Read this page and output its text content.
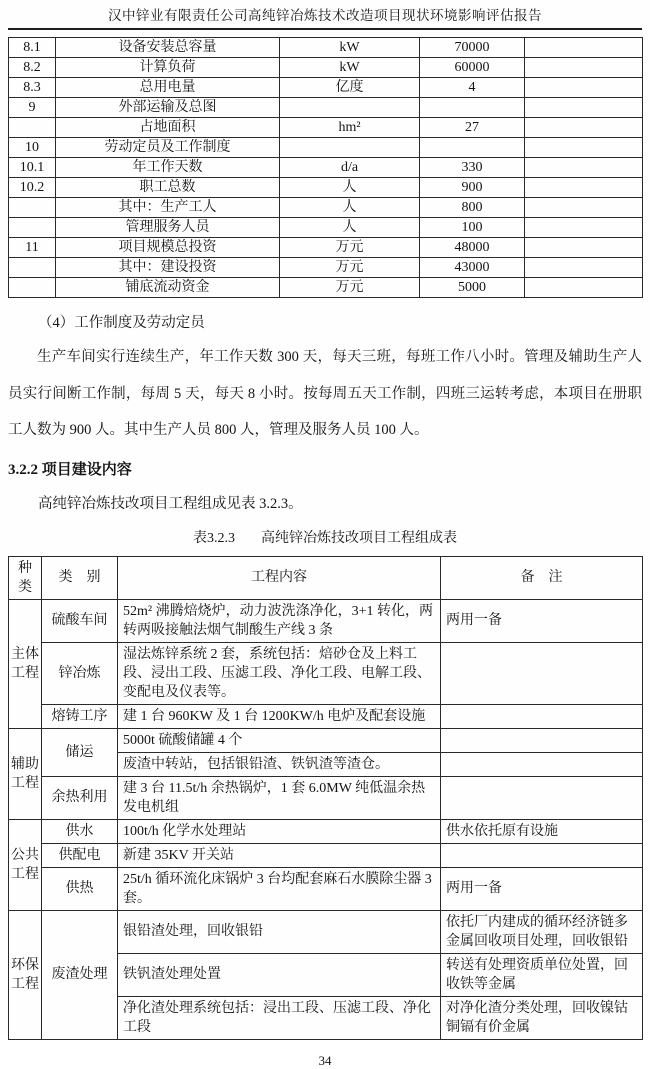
汉中锌业有限责任公司高纯锌冶炼技术改造项目现状环境影响评估报告
8.1	设备安装总容量	kW	70000	
8.2	计算负荷	kW	60000	
8.3	总用电量	亿度	4	
9	外部运输及总图			
	占地面积	hm²	27	
10	劳动定员及工作制度			
10.1	年工作天数	d/a	330	
10.2	职工总数	人	900	
	其中：生产工人	人	800	
	管理服务人员	人	100	
11	项目规模总投资	万元	48000	
	其中：建设投资	万元	43000	
	铺底流动资金	万元	5000	
（4）工作制度及劳动定员
生产车间实行连续生产，年工作天数 300 天，每天三班，每班工作八小时。管理及辅助生产人员实行间断工作制，每周 5 天，每天 8 小时。按每周五天工作制，四班三运转考虑，本项目在册职工人数为 900 人。其中生产人员 800 人，管理及服务人员 100 人。
3.2.2 项目建设内容
高纯锌冶炼技改项目工程组成见表 3.2.3。
表3.2.3 高纯锌冶炼技改项目工程组成表
种类	类　别	工程内容	备　注
主体工程	硫酸车间	52m² 沸腾焙烧炉，动力波洗涤净化，3+1 转化，两转两吸接触法烟气制酸生产线 3 条	两用一备
	锌冶炼	湿法炼锌系统 2 套，系统包括：焙砂仓及上料工段、浸出工段、压滤工段、净化工段、电解工段、变配电及仪表等。	
	熔铸工序	建 1 台 960KW 及 1 台 1200KW/h 电炉及配套设施	
辅助工程	储运	5000t 硫酸储罐 4 个	
		废渣中转站，包括银铅渣、铁钒渣等渣仓。	
	余热利用	建 3 台 11.5t/h 余热锅炉，1 套 6.0MW 纯低温余热发电机组	
公共工程	供水	100t/h 化学水处理站	供水依托原有设施
	供配电	新建 35KV 开关站	
	供热	25t/h 循环流化床锅炉 3 台均配套麻石水膜除尘器 3 套。	两用一备
环保工程	废渣处理	银铅渣处理，回收银铅	依托厂内建成的循环经济链多金属回收项目处理，回收银铅
		铁钒渣处理处置	转送有处理资质单位处置，回收铁等金属
		净化渣处理系统包括：浸出工段、压滤工段、净化工段	对净化渣分类处理，回收镍钴铜镉有价金属
34
